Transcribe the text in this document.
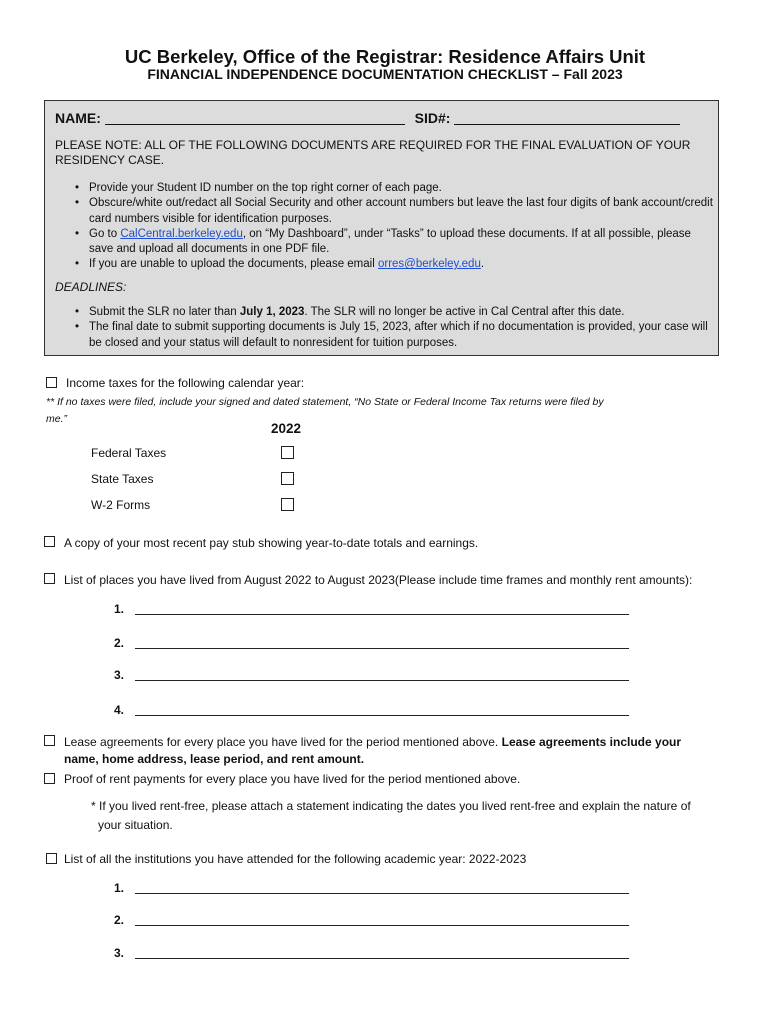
UC Berkeley, Office of the Registrar: Residence Affairs Unit
FINANCIAL INDEPENDENCE DOCUMENTATION CHECKLIST – Fall 2023
NAME:	SID#:
PLEASE NOTE: ALL OF THE FOLLOWING DOCUMENTS ARE REQUIRED FOR THE FINAL EVALUATION OF YOUR RESIDENCY CASE.
• Provide your Student ID number on the top right corner of each page.
• Obscure/white out/redact all Social Security and other account numbers but leave the last four digits of bank account/credit card numbers visible for identification purposes.
• Go to CalCentral.berkeley.edu, on “My Dashboard”, under “Tasks” to upload these documents. If at all possible, please save and upload all documents in one PDF file.
• If you are unable to upload the documents, please email orres@berkeley.edu.
DEADLINES:
• Submit the SLR no later than July 1, 2023. The SLR will no longer be active in Cal Central after this date.
• The final date to submit supporting documents is July 15, 2023, after which if no documentation is provided, your case will be closed and your status will default to nonresident for tuition purposes.
Income taxes for the following calendar year:
** If no taxes were filed, include your signed and dated statement, “No State or Federal Income Tax returns were filed by
me.”
2022
Federal Taxes
State Taxes
W-2 Forms
A copy of your most recent pay stub showing year-to-date totals and earnings.
List of places you have lived from August 2022 to August 2023(Please include time frames and monthly rent amounts):
1.
2.
3.
4.
Lease agreements for every place you have lived for the period mentioned above. Lease agreements include your
name, home address, lease period, and rent amount.
Proof of rent payments for every place you have lived for the period mentioned above.
* If you lived rent-free, please attach a statement indicating the dates you lived rent-free and explain the nature of
your situation.
List of all the institutions you have attended for the following academic year: 2022-2023
1.
2.
3.
